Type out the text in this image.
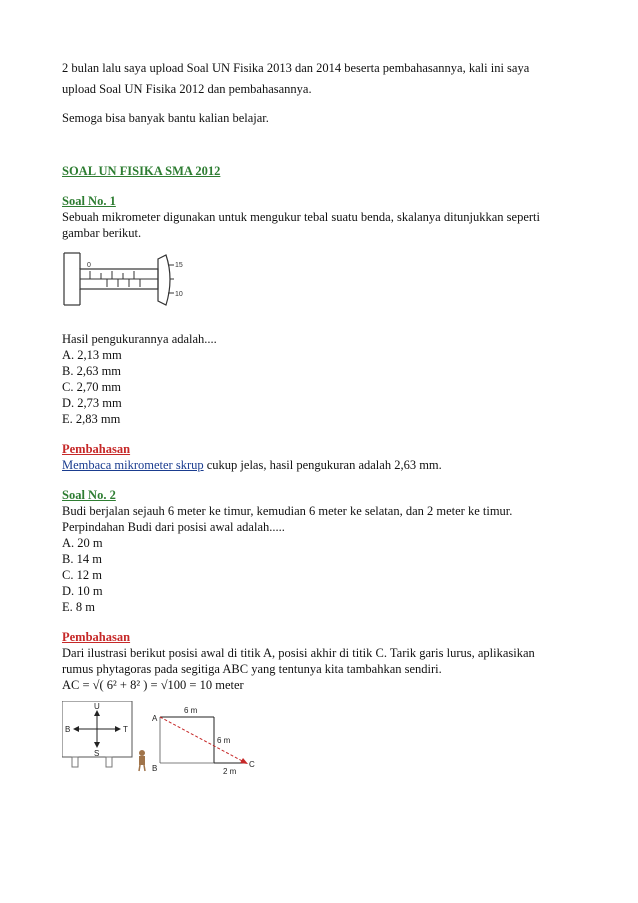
2 bulan lalu saya upload Soal UN Fisika 2013 dan 2014 beserta pembahasannya, kali ini saya

upload Soal UN Fisika 2012 dan pembahasannya.

Semoga bisa banyak bantu kalian belajar.

SOAL UN FISIKA SMA 2012

Soal No. 1

Sebuah mikrometer digunakan untuk mengukur tebal suatu benda, skalanya ditunjukkan seperti

gambar berikut.

0	15
10

Hasil pengukurannya adalah....

A. 2,13 mm

B. 2,63 mm

C. 2,70 mm

D. 2,73 mm

E. 2,83 mm

Pembahasan

Membaca mikrometer skrup cukup jelas, hasil pengukuran adalah 2,63 mm.

Soal No. 2

Budi berjalan sejauh 6 meter ke timur, kemudian 6 meter ke selatan, dan 2 meter ke timur.

Perpindahan Budi dari posisi awal adalah.....

A. 20 m

B. 14 m

C. 12 m

D. 10 m

E. 8 m

Pembahasan

Dari ilustrasi berikut posisi awal di titik A, posisi akhir di titik C. Tarik garis lurus, aplikasikan

rumus phytagoras pada segitiga ABC yang tentunya kita tambahkan sendiri.

AC = √( 6² + 8² ) = √100 = 10 meter

U
S
B	T
A
B	C
6 m
6 m
2 m
